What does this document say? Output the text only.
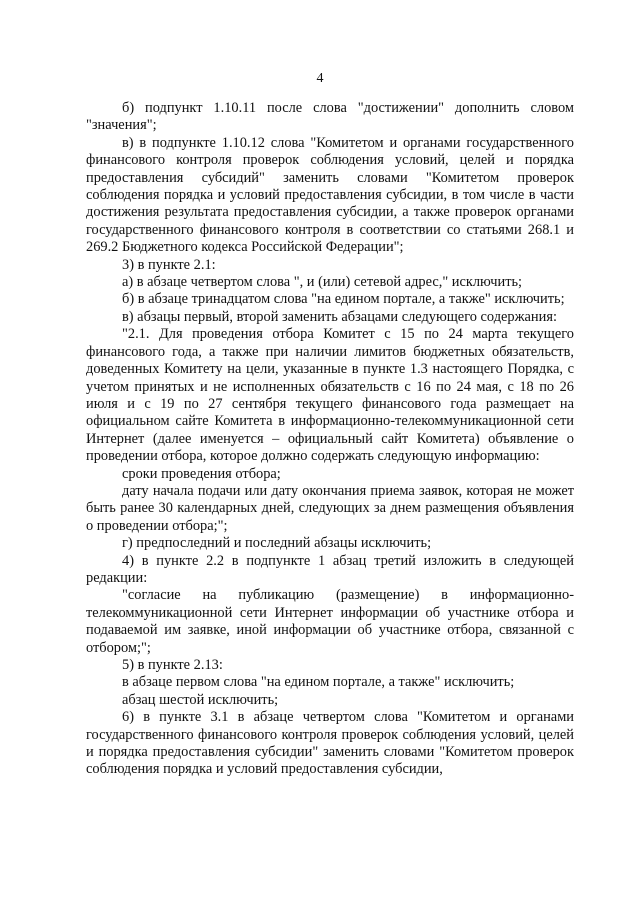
4

б) подпункт 1.10.11 после слова "достижении" дополнить словом "значения";

в) в подпункте 1.10.12 слова "Комитетом и органами государственного финансового контроля проверок соблюдения условий, целей и порядка предоставления субсидий" заменить словами "Комитетом проверок соблюдения порядка и условий предоставления субсидии, в том числе в части достижения результата предоставления субсидии, а также проверок органами государственного финансового контроля в соответствии со статьями 268.1 и 269.2 Бюджетного кодекса Российской Федерации";

3) в пункте 2.1:

а) в абзаце четвертом слова ", и (или) сетевой адрес," исключить;

б) в абзаце тринадцатом слова "на едином портале, а также" исключить;

в) абзацы первый, второй заменить абзацами следующего содержания:

"2.1. Для проведения отбора Комитет с 15 по 24 марта текущего финансового года, а также при наличии лимитов бюджетных обязательств, доведенных Комитету на цели, указанные в пункте 1.3 настоящего Порядка, с учетом принятых и не исполненных обязательств с 16 по 24 мая, с 18 по 26 июля и с 19 по 27 сентября текущего финансового года размещает на официальном сайте Комитета в информационно-телекоммуникационной сети Интернет (далее именуется – официальный сайт Комитета) объявление о проведении отбора, которое должно содержать следующую информацию:

сроки проведения отбора;

дату начала подачи или дату окончания приема заявок, которая не может быть ранее 30 календарных дней, следующих за днем размещения объявления о проведении отбора;";

г) предпоследний и последний абзацы исключить;

4) в пункте 2.2 в подпункте 1 абзац третий изложить в следующей редакции:

"согласие на публикацию (размещение) в информационно-телекоммуникационной сети Интернет информации об участнике отбора и подаваемой им заявке, иной информации об участнике отбора, связанной с отбором;";

5) в пункте 2.13:

в абзаце первом слова "на едином портале, а также" исключить;

абзац шестой исключить;

6) в пункте 3.1 в абзаце четвертом слова "Комитетом и органами государственного финансового контроля проверок соблюдения условий, целей и порядка предоставления субсидии" заменить словами "Комитетом проверок соблюдения порядка и условий предоставления субсидии,
